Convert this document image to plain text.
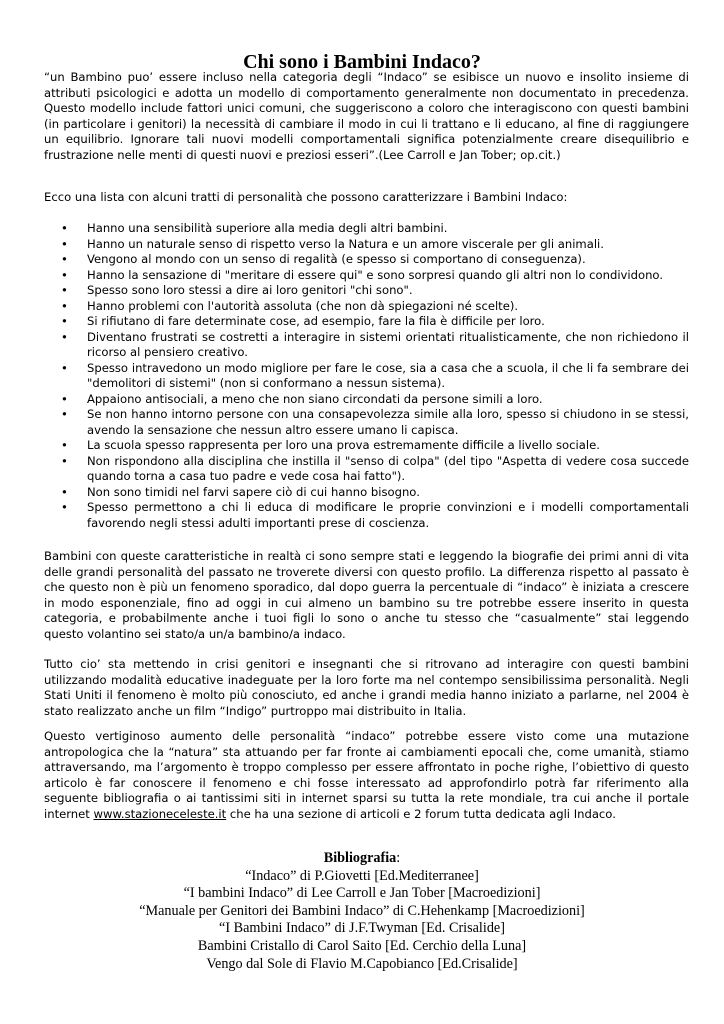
Chi sono i Bambini Indaco?

“un Bambino puo’ essere incluso nella categoria degli “Indaco” se esibisce un nuovo e insolito insieme di attributi psicologici e adotta un modello di comportamento generalmente non documentato in precedenza. Questo modello include fattori unici comuni, che suggeriscono a coloro che interagiscono con questi bambini (in particolare i genitori) la necessità di cambiare il modo in cui li trattano e li educano, al fine di raggiungere un equilibrio. Ignorare tali nuovi modelli comportamentali significa potenzialmente creare disequilibrio e frustrazione nelle menti di questi nuovi e preziosi esseri”.(Lee Carroll e Jan Tober; op.cit.)

Ecco una lista con alcuni tratti di personalità che possono caratterizzare i Bambini Indaco:

• Hanno una sensibilità superiore alla media degli altri bambini.
• Hanno un naturale senso di rispetto verso la Natura e un amore viscerale per gli animali.
• Vengono al mondo con un senso di regalità (e spesso si comportano di conseguenza).
• Hanno la sensazione di "meritare di essere qui" e sono sorpresi quando gli altri non lo condividono.
• Spesso sono loro stessi a dire ai loro genitori "chi sono".
• Hanno problemi con l'autorità assoluta (che non dà spiegazioni né scelte).
• Si rifiutano di fare determinate cose, ad esempio, fare la fila è difficile per loro.
• Diventano frustrati se costretti a interagire in sistemi orientati ritualisticamente, che non richiedono il ricorso al pensiero creativo.
• Spesso intravedono un modo migliore per fare le cose, sia a casa che a scuola, il che li fa sembrare dei "demolitori di sistemi" (non si conformano a nessun sistema).
• Appaiono antisociali, a meno che non siano circondati da persone simili a loro.
• Se non hanno intorno persone con una consapevolezza simile alla loro, spesso si chiudono in se stessi, avendo la sensazione che nessun altro essere umano li capisca.
• La scuola spesso rappresenta per loro una prova estremamente difficile a livello sociale.
• Non rispondono alla disciplina che instilla il "senso di colpa" (del tipo "Aspetta di vedere cosa succede quando torna a casa tuo padre e vede cosa hai fatto").
• Non sono timidi nel farvi sapere ciò di cui hanno bisogno.
• Spesso permettono a chi li educa di modificare le proprie convinzioni e i modelli comportamentali favorendo negli stessi adulti importanti prese di coscienza.

Bambini con queste caratteristiche in realtà ci sono sempre stati e leggendo la biografie dei primi anni di vita delle grandi personalità del passato ne troverete diversi con questo profilo. La differenza rispetto al passato è che questo non è più un fenomeno sporadico, dal dopo guerra la percentuale di “indaco” è iniziata a crescere in modo esponenziale, fino ad oggi in cui almeno un bambino su tre potrebbe essere inserito in questa categoria, e probabilmente anche i tuoi figli lo sono o anche tu stesso che “casualmente” stai leggendo questo volantino sei stato/a un/a bambino/a indaco.

Tutto cio’ sta mettendo in crisi genitori e insegnanti che si ritrovano ad interagire con questi bambini utilizzando modalità educative inadeguate per la loro forte ma nel contempo sensibilissima personalità. Negli Stati Uniti il fenomeno è molto più conosciuto, ed anche i grandi media hanno iniziato a parlarne, nel 2004 è stato realizzato anche un film “Indigo” purtroppo mai distribuito in Italia.

Questo vertiginoso aumento delle personalità “indaco” potrebbe essere visto come una mutazione antropologica che la “natura” sta attuando per far fronte ai cambiamenti epocali che, come umanità, stiamo attraversando, ma l’argomento è troppo complesso per essere affrontato in poche righe, l’obiettivo di questo articolo è far conoscere il fenomeno e chi fosse interessato ad approfondirlo potrà far riferimento alla seguente bibliografia o ai tantissimi siti in internet sparsi su tutta la rete mondiale, tra cui anche il portale internet www.stazioneceleste.it che ha una sezione di articoli e 2 forum tutta dedicata agli Indaco.

Bibliografia:
“Indaco” di P.Giovetti [Ed.Mediterranee]
“I bambini Indaco” di Lee Carroll e Jan Tober [Macroedizioni]
“Manuale per Genitori dei Bambini Indaco” di C.Hehenkamp [Macroedizioni]
“I Bambini Indaco” di J.F.Twyman [Ed. Crisalide]
Bambini Cristallo di Carol Saito [Ed. Cerchio della Luna]
Vengo dal Sole di Flavio M.Capobianco [Ed.Crisalide]
